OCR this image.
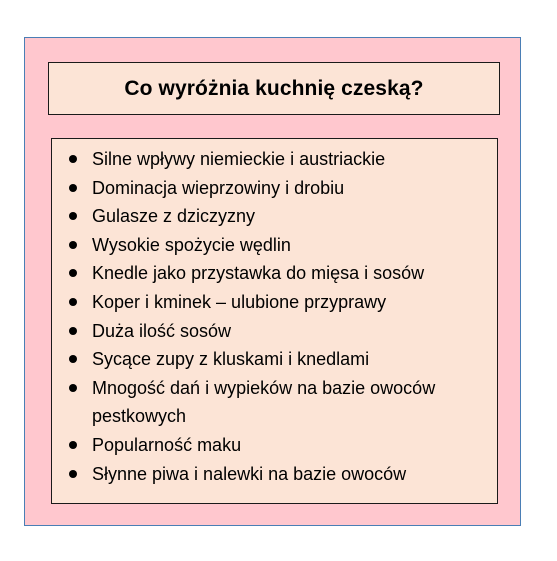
Co wyróżnia kuchnię czeską?
Silne wpływy niemieckie i austriackie
Dominacja wieprzowiny i drobiu
Gulasze z dziczyzny
Wysokie spożycie wędlin
Knedle jako przystawka do mięsa i sosów
Koper i kminek – ulubione przyprawy
Duża ilość sosów
Sycące zupy z kluskami i knedlami
Mnogość dań i wypieków na bazie owoców pestkowych
Popularność maku
Słynne piwa i nalewki na bazie owoców
